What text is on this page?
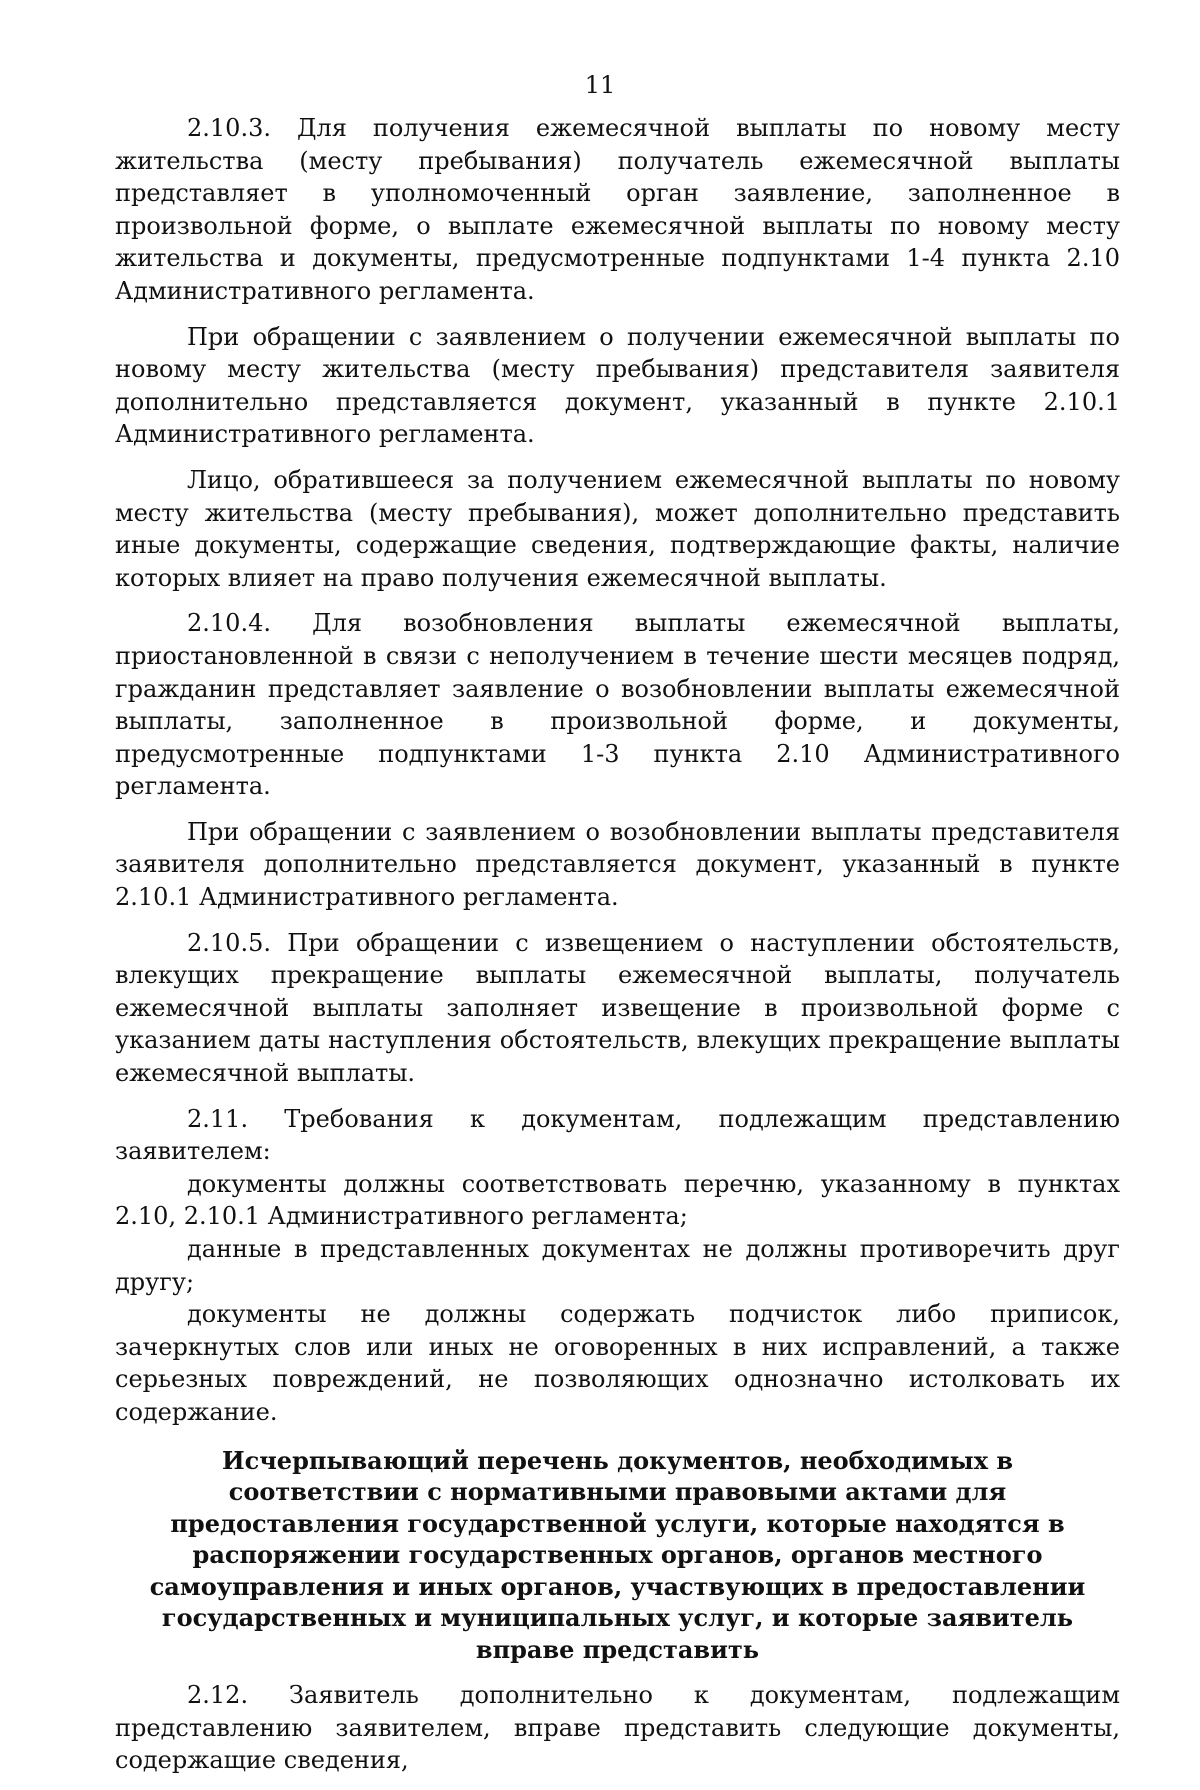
11

2.10.3. Для получения ежемесячной выплаты по новому месту жительства (месту пребывания) получатель ежемесячной выплаты представляет в уполномоченный орган заявление, заполненное в произвольной форме, о выплате ежемесячной выплаты по новому месту жительства и документы, предусмотренные подпунктами 1-4 пункта 2.10 Административного регламента.

При обращении с заявлением о получении ежемесячной выплаты по новому месту жительства (месту пребывания) представителя заявителя дополнительно представляется документ, указанный в пункте 2.10.1 Административного регламента.

Лицо, обратившееся за получением ежемесячной выплаты по новому месту жительства (месту пребывания), может дополнительно представить иные документы, содержащие сведения, подтверждающие факты, наличие которых влияет на право получения ежемесячной выплаты.

2.10.4. Для возобновления выплаты ежемесячной выплаты, приостановленной в связи с неполучением в течение шести месяцев подряд, гражданин представляет заявление о возобновлении выплаты ежемесячной выплаты, заполненное в произвольной форме, и документы, предусмотренные подпунктами 1-3 пункта 2.10 Административного регламента.

При обращении с заявлением о возобновлении выплаты представителя заявителя дополнительно представляется документ, указанный в пункте 2.10.1 Административного регламента.

2.10.5. При обращении с извещением о наступлении обстоятельств, влекущих прекращение выплаты ежемесячной выплаты, получатель ежемесячной выплаты заполняет извещение в произвольной форме с указанием даты наступления обстоятельств, влекущих прекращение выплаты ежемесячной выплаты.

2.11. Требования к документам, подлежащим представлению заявителем:

документы должны соответствовать перечню, указанному в пунктах 2.10, 2.10.1 Административного регламента;

данные в представленных документах не должны противоречить друг другу;

документы не должны содержать подчисток либо приписок, зачеркнутых слов или иных не оговоренных в них исправлений, а также серьезных повреждений, не позволяющих однозначно истолковать их содержание.

Исчерпывающий перечень документов, необходимых в соответствии с нормативными правовыми актами для предоставления государственной услуги, которые находятся в распоряжении государственных органов, органов местного самоуправления и иных органов, участвующих в предоставлении государственных и муниципальных услуг, и которые заявитель вправе представить

2.12. Заявитель дополнительно к документам, подлежащим представлению заявителем, вправе представить следующие документы, содержащие сведения,
